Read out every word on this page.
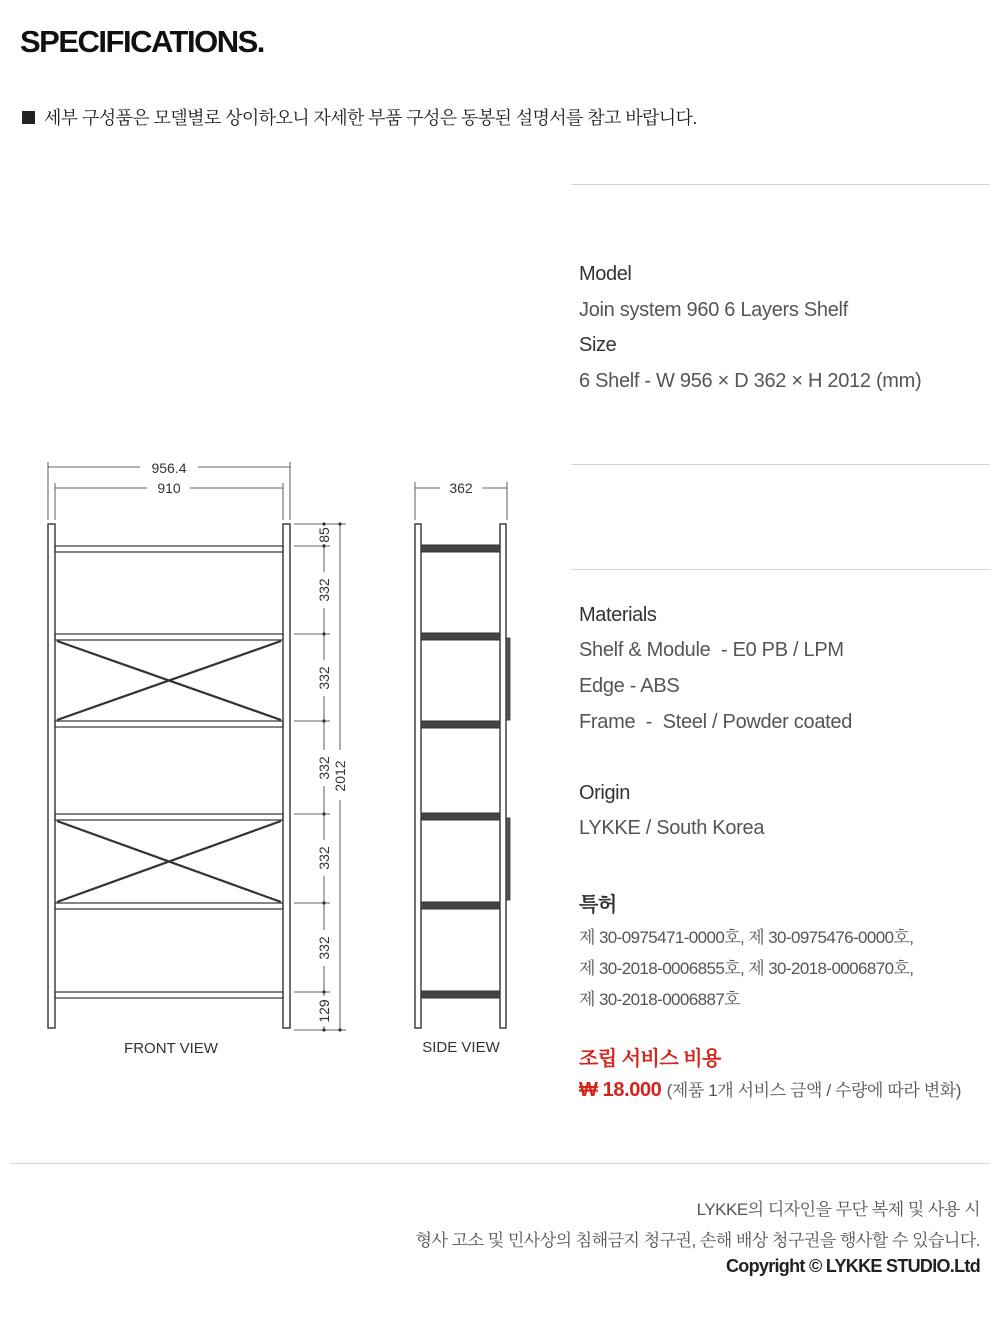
SPECIFICATIONS.
세부 구성품은 모델별로 상이하오니 자세한 부품 구성은 동봉된 설명서를 참고 바랍니다.
956.4
910
85
332
332
332
332
332
129
2012
FRONT VIEW
362
SIDE VIEW
Model
Join system 960 6 Layers Shelf
Size
6 Shelf - W 956 × D 362 × H 2012 (mm)
Materials
Shelf & Module  - E0 PB / LPM
Edge - ABS
Frame  -  Steel / Powder coated
Origin
LYKKE / South Korea
특허
제 30-0975471-0000호, 제 30-0975476-0000호,
제 30-2018-0006855호, 제 30-2018-0006870호,
제 30-2018-0006887호
조립 서비스 비용
₩ 18.000 (제품 1개 서비스 금액 / 수량에 따라 변화)
LYKKE의 디자인을 무단 복제 및 사용 시
형사 고소 및 민사상의 침해금지 청구권, 손해 배상 청구권을 행사할 수 있습니다.
Copyright © LYKKE STUDIO.Ltd
